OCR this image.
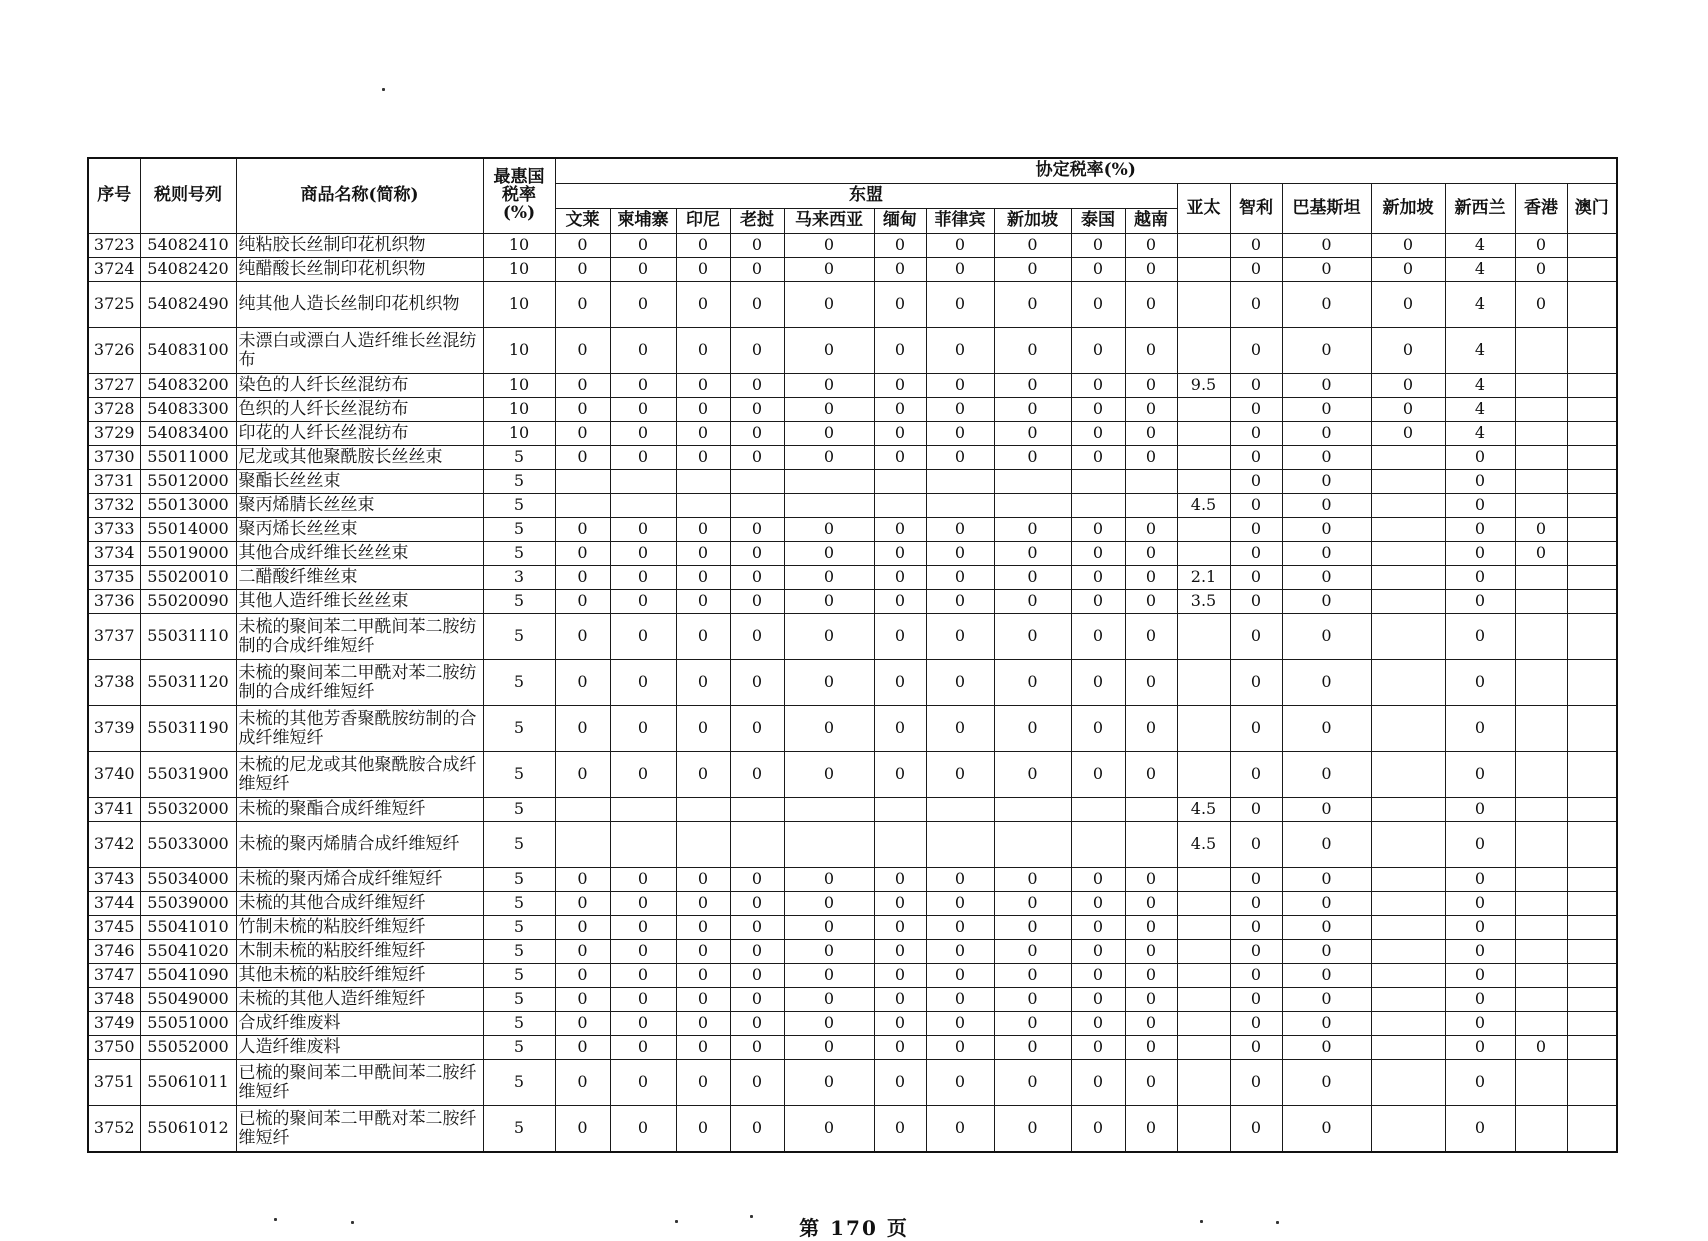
序号	税则号列	商品名称(简称)	最惠国
税率
(%)	协定税率(%)																
				东盟										亚太	智利	巴基斯坦	新加坡	新西兰	香港	澳门
				文莱	柬埔寨	印尼	老挝	马来西亚	缅甸	菲律宾	新加坡	泰国	越南							
3723	54082410	纯粘胶长丝制印花机织物	10	0	0	0	0	0	0	0	0	0	0		0	0	0	4	0	
3724	54082420	纯醋酸长丝制印花机织物	10	0	0	0	0	0	0	0	0	0	0		0	0	0	4	0	
3725	54082490	纯其他人造长丝制印花机织物	10	0	0	0	0	0	0	0	0	0	0		0	0	0	4	0	
3726	54083100	未漂白或漂白人造纤维长丝混纺布	10	0	0	0	0	0	0	0	0	0	0		0	0	0	4		
3727	54083200	染色的人纤长丝混纺布	10	0	0	0	0	0	0	0	0	0	0	9.5	0	0	0	4		
3728	54083300	色织的人纤长丝混纺布	10	0	0	0	0	0	0	0	0	0	0		0	0	0	4		
3729	54083400	印花的人纤长丝混纺布	10	0	0	0	0	0	0	0	0	0	0		0	0	0	4		
3730	55011000	尼龙或其他聚酰胺长丝丝束	5	0	0	0	0	0	0	0	0	0	0		0	0		0		
3731	55012000	聚酯长丝丝束	5												0	0		0		
3732	55013000	聚丙烯腈长丝丝束	5											4.5	0	0		0		
3733	55014000	聚丙烯长丝丝束	5	0	0	0	0	0	0	0	0	0	0		0	0		0	0	
3734	55019000	其他合成纤维长丝丝束	5	0	0	0	0	0	0	0	0	0	0		0	0		0	0	
3735	55020010	二醋酸纤维丝束	3	0	0	0	0	0	0	0	0	0	0	2.1	0	0		0		
3736	55020090	其他人造纤维长丝丝束	5	0	0	0	0	0	0	0	0	0	0	3.5	0	0		0		
3737	55031110	未梳的聚间苯二甲酰间苯二胺纺制的合成纤维短纤	5	0	0	0	0	0	0	0	0	0	0		0	0		0		
3738	55031120	未梳的聚间苯二甲酰对苯二胺纺制的合成纤维短纤	5	0	0	0	0	0	0	0	0	0	0		0	0		0		
3739	55031190	未梳的其他芳香聚酰胺纺制的合成纤维短纤	5	0	0	0	0	0	0	0	0	0	0		0	0		0		
3740	55031900	未梳的尼龙或其他聚酰胺合成纤维短纤	5	0	0	0	0	0	0	0	0	0	0		0	0		0		
3741	55032000	未梳的聚酯合成纤维短纤	5											4.5	0	0		0		
3742	55033000	未梳的聚丙烯腈合成纤维短纤	5											4.5	0	0		0		
3743	55034000	未梳的聚丙烯合成纤维短纤	5	0	0	0	0	0	0	0	0	0	0		0	0		0		
3744	55039000	未梳的其他合成纤维短纤	5	0	0	0	0	0	0	0	0	0	0		0	0		0		
3745	55041010	竹制未梳的粘胶纤维短纤	5	0	0	0	0	0	0	0	0	0	0		0	0		0		
3746	55041020	木制未梳的粘胶纤维短纤	5	0	0	0	0	0	0	0	0	0	0		0	0		0		
3747	55041090	其他未梳的粘胶纤维短纤	5	0	0	0	0	0	0	0	0	0	0		0	0		0		
3748	55049000	未梳的其他人造纤维短纤	5	0	0	0	0	0	0	0	0	0	0		0	0		0		
3749	55051000	合成纤维废料	5	0	0	0	0	0	0	0	0	0	0		0	0		0		
3750	55052000	人造纤维废料	5	0	0	0	0	0	0	0	0	0	0		0	0		0	0	
3751	55061011	已梳的聚间苯二甲酰间苯二胺纤维短纤	5	0	0	0	0	0	0	0	0	0	0		0	0		0		
3752	55061012	已梳的聚间苯二甲酰对苯二胺纤维短纤	5	0	0	0	0	0	0	0	0	0	0		0	0		0		
第 170 页
